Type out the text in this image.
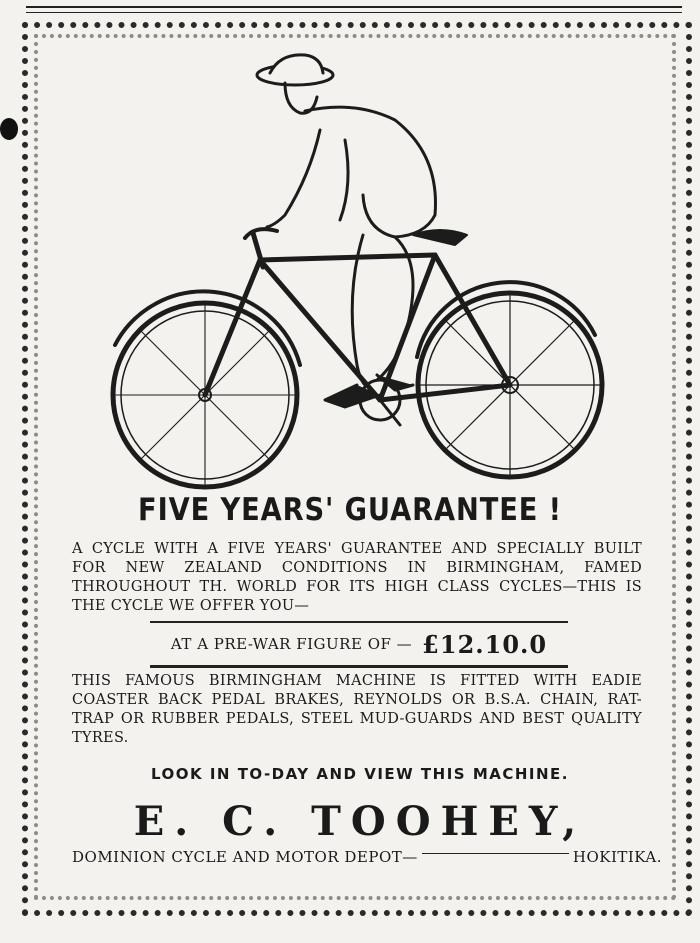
FIVE YEARS' GUARANTEE !
A CYCLE WITH A FIVE YEARS' GUARANTEE AND SPECIALLY BUILT FOR NEW ZEALAND CONDITIONS IN BIRMINGHAM, FAMED THROUGHOUT TH. WORLD FOR ITS HIGH CLASS CYCLES—THIS IS THE CYCLE WE OFFER YOU—
AT A PRE-WAR FIGURE OF — £12.10.0
THIS FAMOUS BIRMINGHAM MACHINE IS FITTED WITH EADIE COASTER BACK PEDAL BRAKES, REYNOLDS OR B.S.A. CHAIN, RAT-TRAP OR RUBBER PEDALS, STEEL MUD-GUARDS AND BEST QUALITY TYRES.
LOOK IN TO-DAY AND VIEW THIS MACHINE.
E. C. TOOHEY,
DOMINION CYCLE AND MOTOR DEPOT—	HOKITIKA.
